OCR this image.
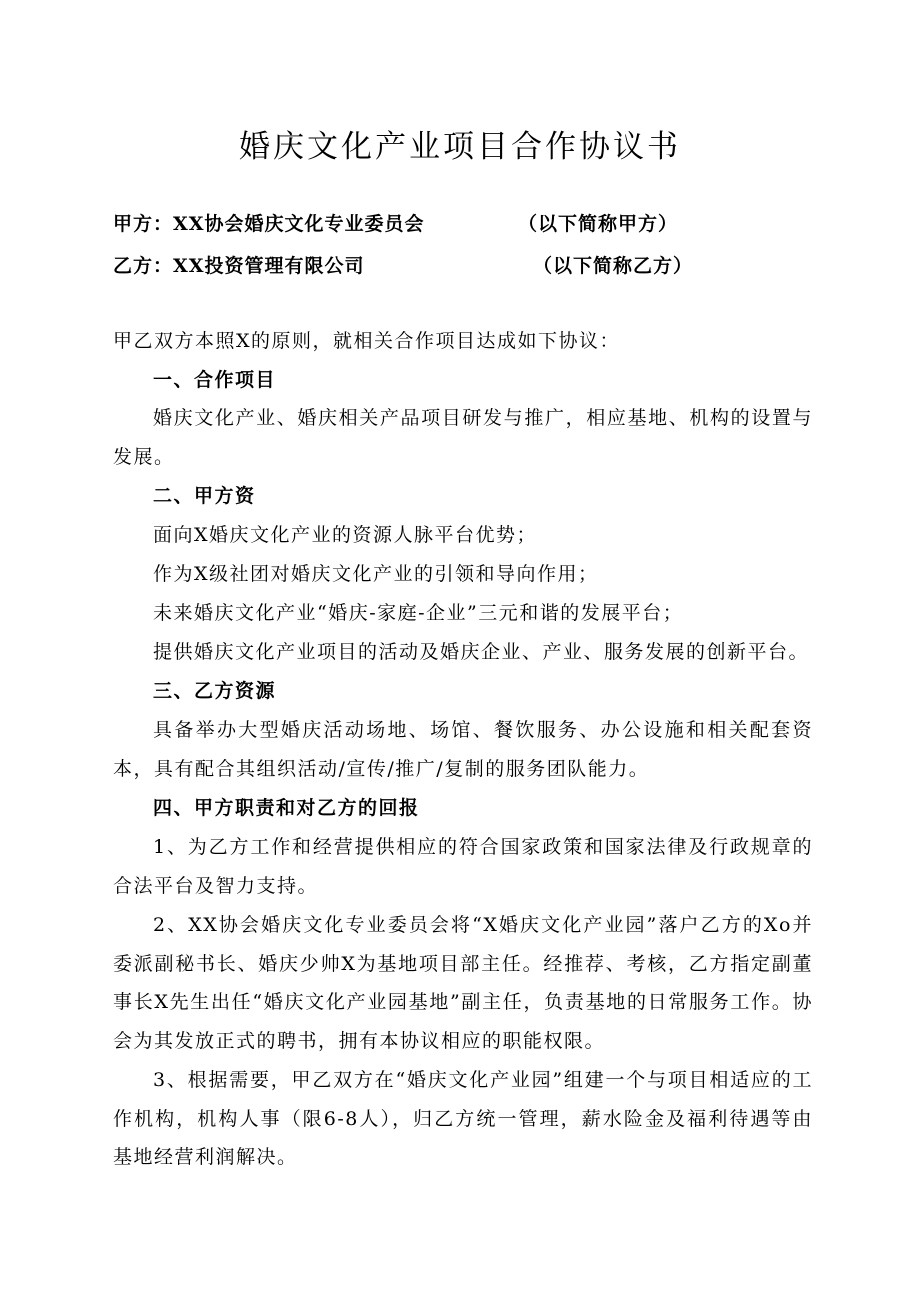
婚庆文化产业项目合作协议书
甲方：XX协会婚庆文化专业委员会	（以下简称甲方）
乙方：XX投资管理有限公司	（以下简称乙方）

甲乙双方本照X的原则，就相关合作项目达成如下协议：

一、合作项目

婚庆文化产业、婚庆相关产品项目研发与推广，相应基地、机构的设置与发展。

二、甲方资

面向X婚庆文化产业的资源人脉平台优势；

作为X级社团对婚庆文化产业的引领和导向作用；

未来婚庆文化产业“婚庆-家庭-企业”三元和谐的发展平台；

提供婚庆文化产业项目的活动及婚庆企业、产业、服务发展的创新平台。

三、乙方资源

具备举办大型婚庆活动场地、场馆、餐饮服务、办公设施和相关配套资本，具有配合其组织活动/宣传/推广/复制的服务团队能力。

四、甲方职责和对乙方的回报

1、为乙方工作和经营提供相应的符合国家政策和国家法律及行政规章的合法平台及智力支持。

2、XX协会婚庆文化专业委员会将“X婚庆文化产业园”落户乙方的Xo并委派副秘书长、婚庆少帅X为基地项目部主任。经推荐、考核，乙方指定副董事长X先生出任“婚庆文化产业园基地”副主任，负责基地的日常服务工作。协会为其发放正式的聘书，拥有本协议相应的职能权限。

3、根据需要，甲乙双方在“婚庆文化产业园”组建一个与项目相适应的工作机构，机构人事（限6-8人），归乙方统一管理，薪水险金及福利待遇等由基地经营利润解决。
